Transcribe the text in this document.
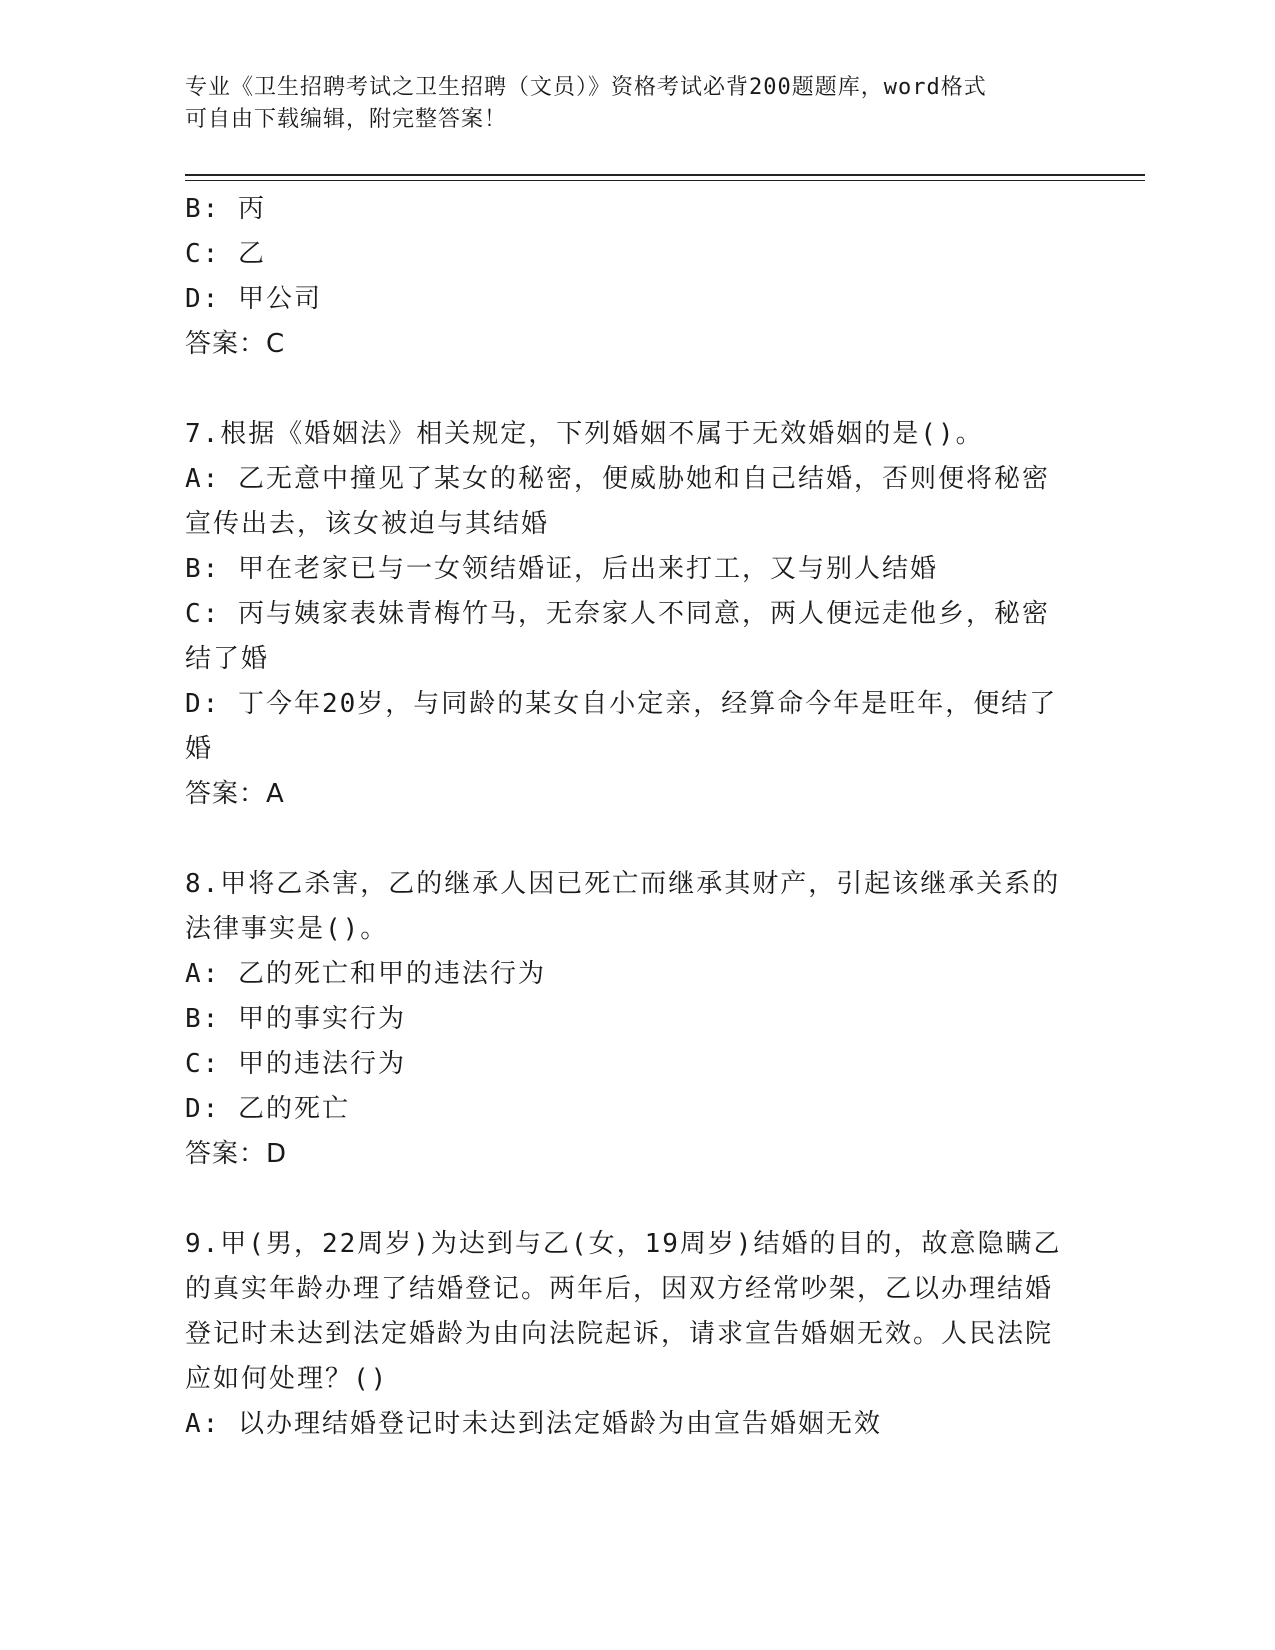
专业《卫生招聘考试之卫生招聘（文员）》资格考试必背200题题库，word格式
可自由下载编辑，附完整答案！
B: 丙
C: 乙
D: 甲公司
答案：C
7.根据《婚姻法》相关规定，下列婚姻不属于无效婚姻的是()。
A: 乙无意中撞见了某女的秘密，便威胁她和自己结婚，否则便将秘密宣传出去，该女被迫与其结婚
B: 甲在老家已与一女领结婚证，后出来打工，又与别人结婚
C: 丙与姨家表妹青梅竹马，无奈家人不同意，两人便远走他乡，秘密结了婚
D: 丁今年20岁，与同龄的某女自小定亲，经算命今年是旺年，便结了婚
答案：A
8.甲将乙杀害，乙的继承人因已死亡而继承其财产，引起该继承关系的法律事实是()。
A: 乙的死亡和甲的违法行为
B: 甲的事实行为
C: 甲的违法行为
D: 乙的死亡
答案：D
9.甲(男，22周岁)为达到与乙(女，19周岁)结婚的目的，故意隐瞒乙的真实年龄办理了结婚登记。两年后，因双方经常吵架，乙以办理结婚登记时未达到法定婚龄为由向法院起诉，请求宣告婚姻无效。人民法院应如何处理？()
A: 以办理结婚登记时未达到法定婚龄为由宣告婚姻无效
